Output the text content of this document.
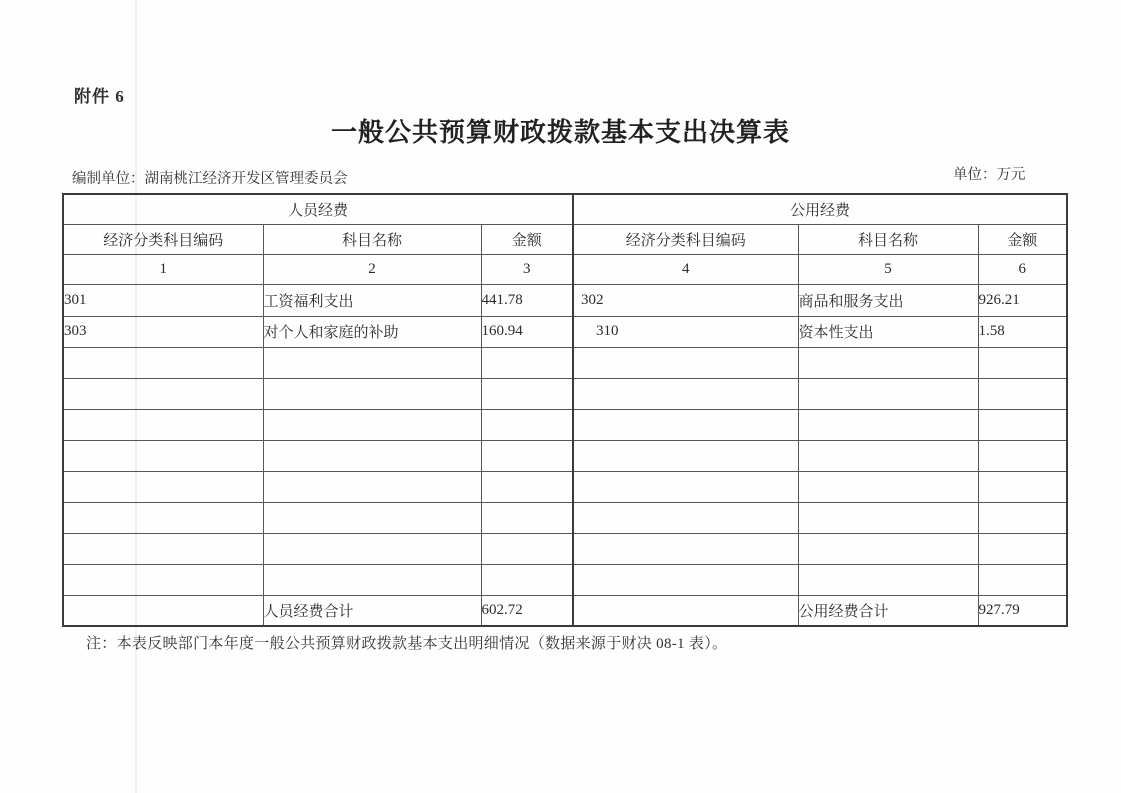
附件 6
一般公共预算财政拨款基本支出决算表
编制单位：湖南桃江经济开发区管理委员会	单位：万元
人员经费			公用经费		
经济分类科目编码	科目名称	金额	经济分类科目编码	科目名称	金额
1	2	3	4	5	6
301	工资福利支出	441.78	302	商品和服务支出	926.21
303	对个人和家庭的补助	160.94	310	资本性支出	1.58

	人员经费合计	602.72		公用经费合计	927.79
注：本表反映部门本年度一般公共预算财政拨款基本支出明细情况（数据来源于财决 08-1 表）。
